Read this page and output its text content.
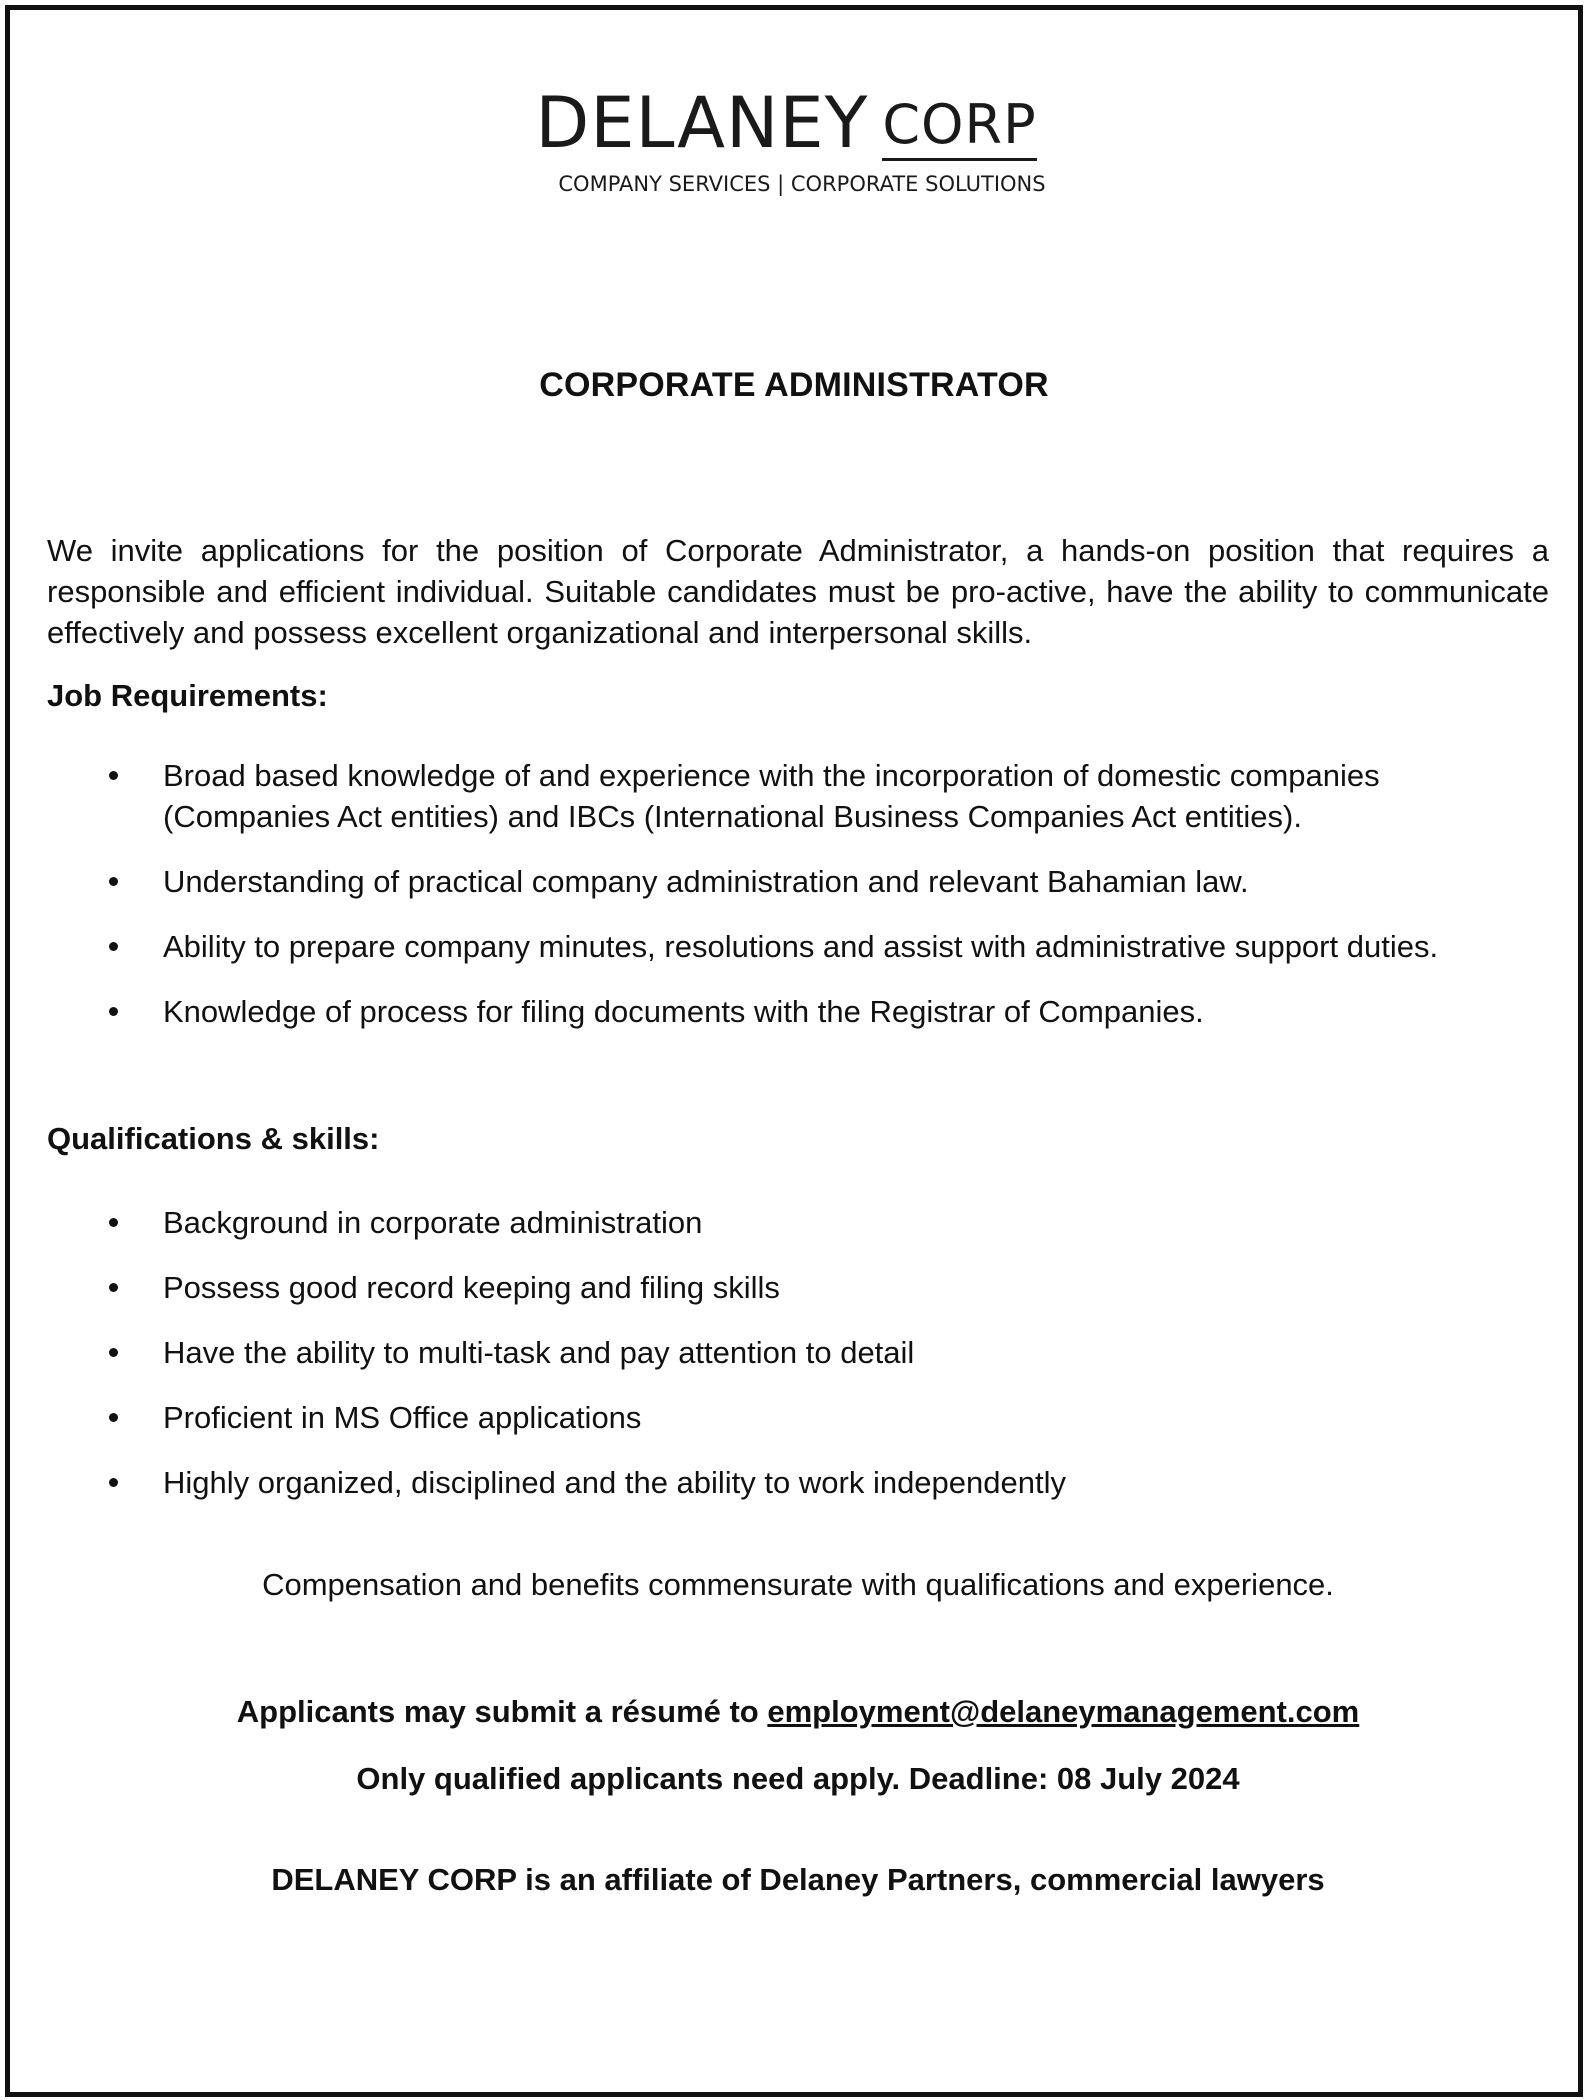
DELANEY CORP
COMPANY SERVICES | CORPORATE SOLUTIONS
CORPORATE ADMINISTRATOR

We invite applications for the position of Corporate Administrator, a hands-on position that requires a responsible and efficient individual. Suitable candidates must be pro-active, have the ability to communicate effectively and possess excellent organizational and interpersonal skills.

Job Requirements:

Broad based knowledge of and experience with the incorporation of domestic companies (Companies Act entities) and IBCs (International Business Companies Act entities).
Understanding of practical company administration and relevant Bahamian law.
Ability to prepare company minutes, resolutions and assist with administrative support duties.
Knowledge of process for filing documents with the Registrar of Companies.

Qualifications & skills:

Background in corporate administration
Possess good record keeping and filing skills
Have the ability to multi-task and pay attention to detail
Proficient in MS Office applications
Highly organized, disciplined and the ability to work independently

Compensation and benefits commensurate with qualifications and experience.

Applicants may submit a résumé to employment@delaneymanagement.com

Only qualified applicants need apply. Deadline: 08 July 2024

DELANEY CORP is an affiliate of Delaney Partners, commercial lawyers
